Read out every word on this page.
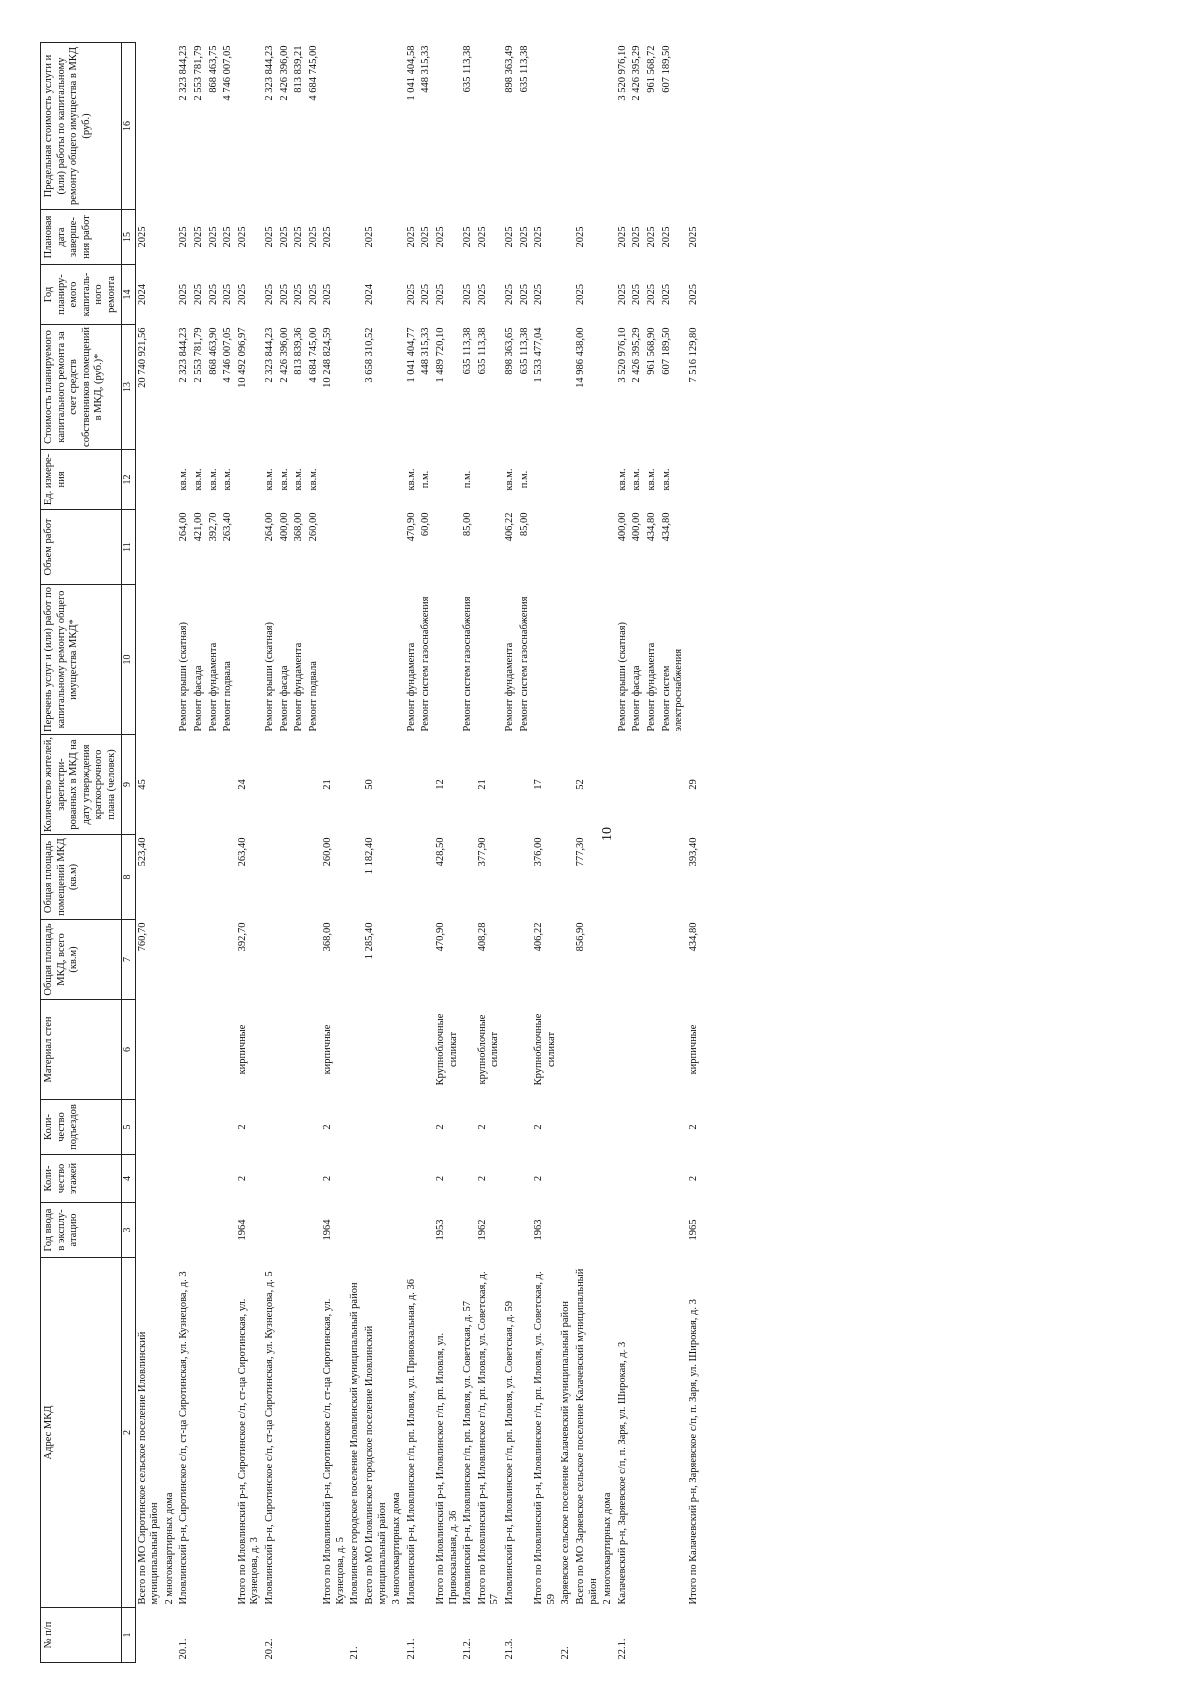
10
№ п/п	Адрес МКД	Год ввода в эксплу-атацию	Коли-чество этажей	Коли-чество подъездов	Материал стен	Общая площадь МКД, всего (кв.м)	Общая площадь помещений МКД (кв.м)	Количество жителей, зарегистри-рованных в МКД на дату утверждения краткосрочного плана (человек)	Перечень услуг и (или) работ по капитальному ремонту общего имущества МКД*	Объем работ	Ед. измере-ния	Стоимость планируемого капитального ремонта за счет средств собственников помещений в МКД, (руб.)*	Год планиру-емого капиталь-ного ремонта	Плановая дата заверше-ния работ	Предельная стоимость услуги и (или) работы по капитальному ремонту общего имущества в МКД (руб.)
1	2	3	4	5	6	7	8	9	10	11	12	13	14	15	16
	Всего по МО Сиротинское сельское поселение Иловлинский муниципальный район					760,70	523,40	45				20 740 921,56	2024	2025	
	2 многоквартирных дома														
20.1.	Иловлинский р-н, Сиротинское с/п, ст-ца Сиротинская, ул. Кузнецова, д. 3								Ремонт крыши (скатная)	264,00	кв.м.	2 323 844,23	2025	2025	2 323 844,23
									Ремонт фасада	421,00	кв.м.	2 553 781,79	2025	2025	2 553 781,79
									Ремонт фундамента	392,70	кв.м.	868 463,90	2025	2025	868 463,75
									Ремонт подвала	263,40	кв.м.	4 746 007,05	2025	2025	4 746 007,05
	Итого по Иловлинский р-н, Сиротинское с/п, ст-ца Сиротинская, ул. Кузнецова, д. 3	1964	2	2	кирпичные	392,70	263,40	24				10 492 096,97	2025	2025	
20.2.	Иловлинский р-н, Сиротинское с/п, ст-ца Сиротинская, ул. Кузнецова, д. 5								Ремонт крыши (скатная)	264,00	кв.м.	2 323 844,23	2025	2025	2 323 844,23
									Ремонт фасада	400,00	кв.м.	2 426 396,00	2025	2025	2 426 396,00
									Ремонт фундамента	368,00	кв.м.	813 839,36	2025	2025	813 839,21
									Ремонт подвала	260,00	кв.м.	4 684 745,00	2025	2025	4 684 745,00
	Итого по Иловлинский р-н, Сиротинское с/п, ст-ца Сиротинская, ул. Кузнецова, д. 5	1964	2	2	кирпичные	368,00	260,00	21				10 248 824,59	2025	2025	
21.	Иловлинское городское поселение Иловлинский муниципальный район														
	Всего по МО Иловлинское городское поселение Иловлинский муниципальный район					1 285,40	1 182,40	50				3 658 310,52	2024	2025	
	3 многоквартирных дома														
21.1.	Иловлинский р-н, Иловлинское г/п, рп. Иловля, ул. Привокзальная, д. 36								Ремонт фундамента	470,90	кв.м.	1 041 404,77	2025	2025	1 041 404,58
									Ремонт систем газоснабжения	60,00	п.м.	448 315,33	2025	2025	448 315,33
	Итого по Иловлинский р-н, Иловлинское г/п, рп. Иловля, ул. Привокзальная, д. 36	1953	2	2	Крупноблочные силикат	470,90	428,50	12				1 489 720,10	2025	2025	
21.2.	Иловлинский р-н, Иловлинское г/п, рп. Иловля, ул. Советская, д. 57								Ремонт систем газоснабжения	85,00	п.м.	635 113,38	2025	2025	635 113,38
	Итого по Иловлинский р-н, Иловлинское г/п, рп. Иловля, ул. Советская, д. 57	1962	2	2	крупноблочные силикат	408,28	377,90	21				635 113,38	2025	2025	
21.3.	Иловлинский р-н, Иловлинское г/п, рп. Иловля, ул. Советская, д. 59								Ремонт фундамента	406,22	кв.м.	898 363,65	2025	2025	898 363,49
									Ремонт систем газоснабжения	85,00	п.м.	635 113,38	2025	2025	635 113,38
	Итого по Иловлинский р-н, Иловлинское г/п, рп. Иловля, ул. Советская, д. 59	1963	2	2	Крупноблочные силикат	406,22	376,00	17				1 533 477,04	2025	2025	
22.	Заряевское сельское поселение Калачевский муниципальный район														
	Всего по МО Заряевское сельское поселение Калачевский муниципальный район					856,90	777,30	52				14 986 438,00	2025	2025	
	2 многоквартирных дома														
22.1.	Калачевский р-н, Заряевское с/п, п. Заря, ул. Широкая, д. 3								Ремонт крыши (скатная)	400,00	кв.м.	3 520 976,10	2025	2025	3 520 976,10
									Ремонт фасада	400,00	кв.м.	2 426 395,29	2025	2025	2 426 395,29
									Ремонт фундамента	434,80	кв.м.	961 568,90	2025	2025	961 568,72
									Ремонт систем электроснабжения	434,80	кв.м.	607 189,50	2025	2025	607 189,50
	Итого по Калачевский р-н, Заряевское с/п, п. Заря, ул. Широкая, д. 3	1965	2	2	кирпичные	434,80	393,40	29				7 516 129,80	2025	2025	
